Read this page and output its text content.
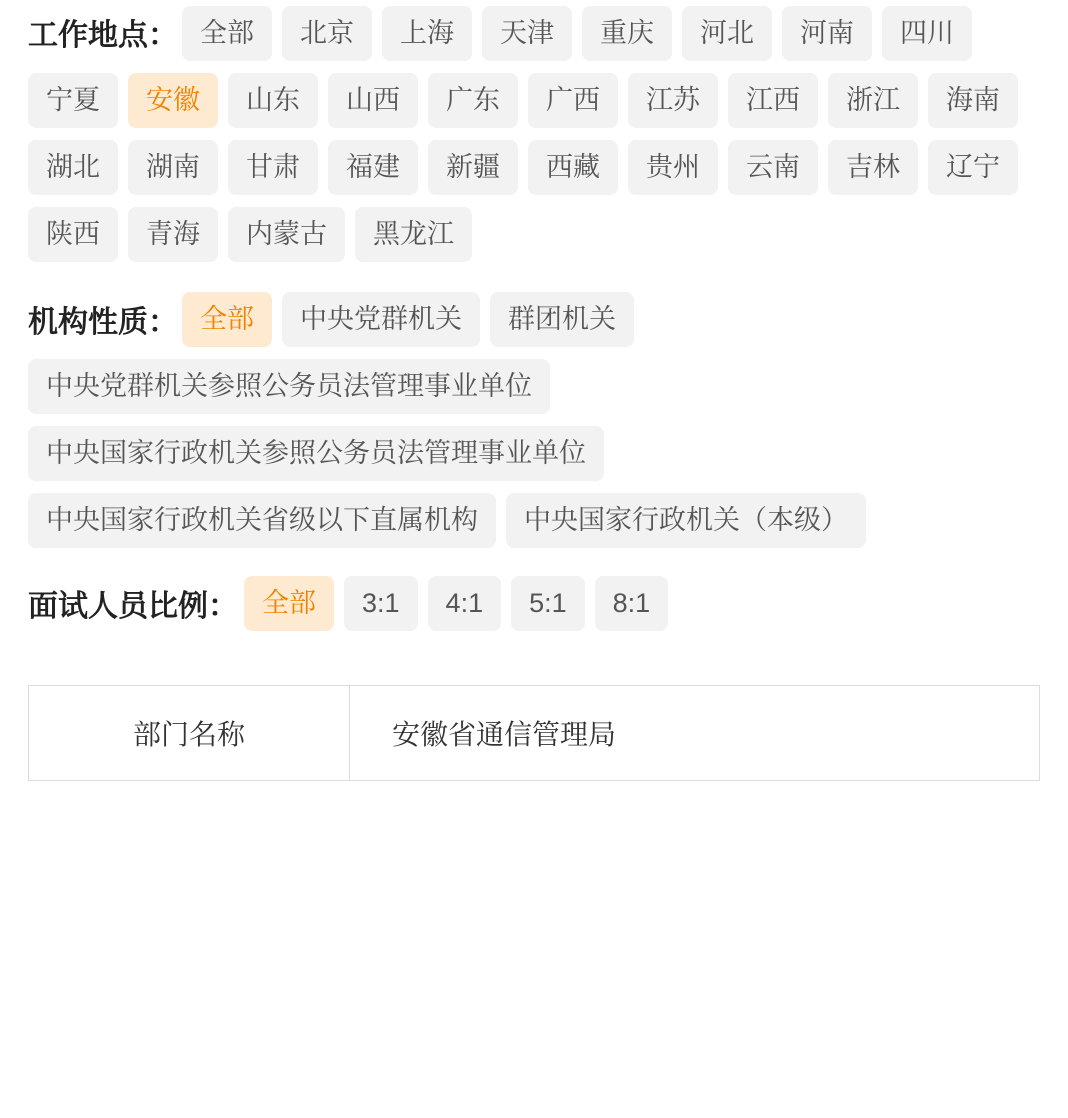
工作地点： 全部	北京	上海	天津	重庆	河北	河南	四川
宁夏	安徽	山东	山西	广东	广西	江苏	江西	浙江	海南
湖北	湖南	甘肃	福建	新疆	西藏	贵州	云南	吉林	辽宁
陕西	青海	内蒙古	黑龙江
机构性质： 全部	中央党群机关	群团机关
中央党群机关参照公务员法管理事业单位
中央国家行政机关参照公务员法管理事业单位
中央国家行政机关省级以下直属机构	中央国家行政机关（本级）
面试人员比例： 全部	3:1	4:1	5:1	8:1
部门名称	安徽省通信管理局
